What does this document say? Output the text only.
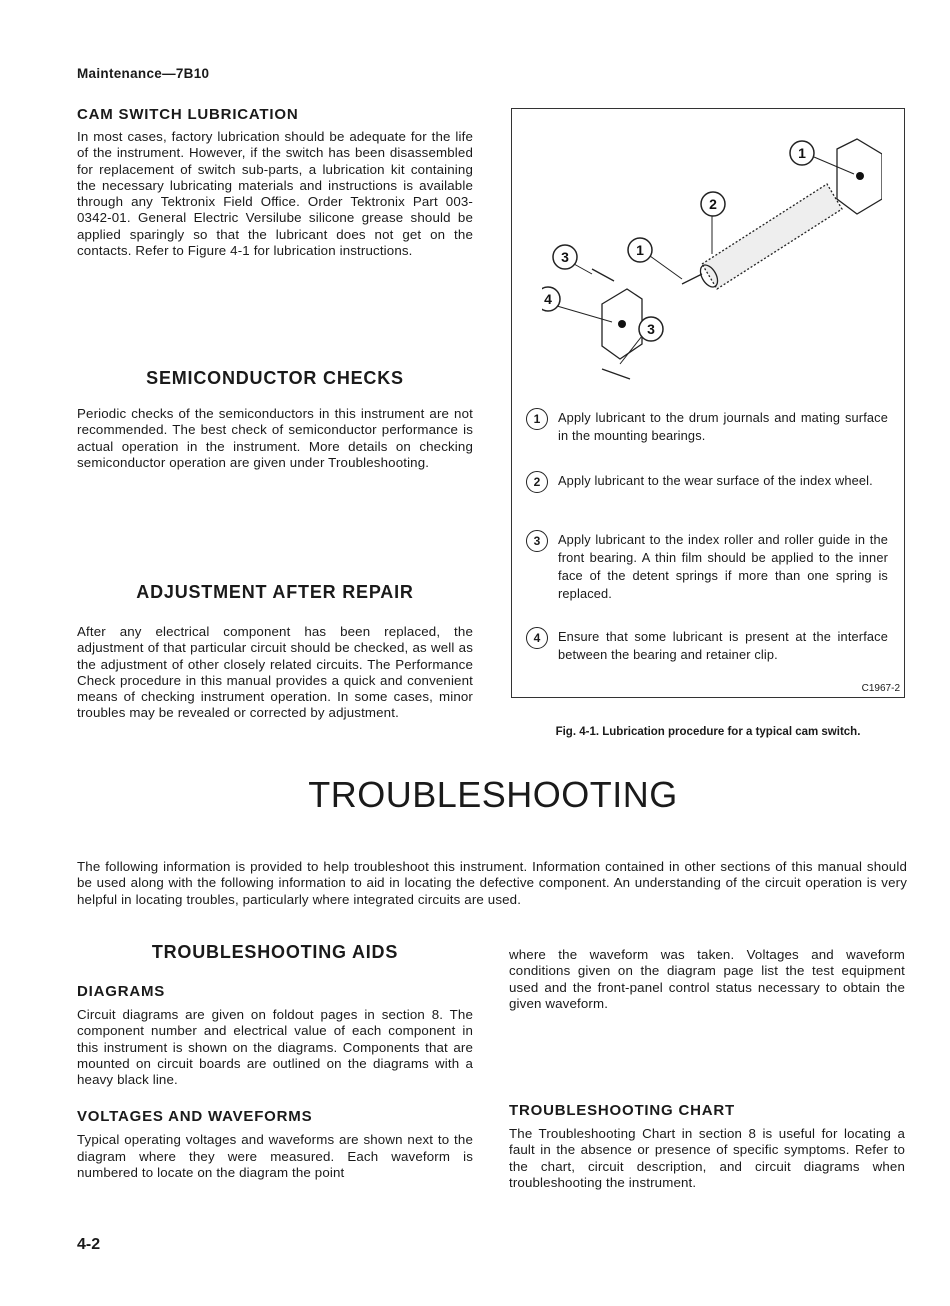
Maintenance—7B10
CAM SWITCH LUBRICATION

In most cases, factory lubrication should be adequate for the life of the instrument. However, if the switch has been disassembled for replacement of switch sub-parts, a lubrication kit containing the necessary lubricating materials and instructions is available through any Tektronix Field Office. Order Tektronix Part 003-0342-01. General Electric Versilube silicone grease should be applied sparingly so that the lubricant does not get on the contacts. Refer to Figure 4-1 for lubrication instructions.

SEMICONDUCTOR CHECKS

Periodic checks of the semiconductors in this instrument are not recommended. The best check of semiconductor performance is actual operation in the instrument. More details on checking semiconductor operation are given under Troubleshooting.

ADJUSTMENT AFTER REPAIR

After any electrical component has been replaced, the adjustment of that particular circuit should be checked, as well as the adjustment of other closely related circuits. The Performance Check procedure in this manual provides a quick and convenient means of checking instrument operation. In some cases, minor troubles may be revealed or corrected by adjustment.

1
2
1
3
4
3
1	Apply lubricant to the drum journals and mating surface in the mounting bearings.

2	Apply lubricant to the wear surface of the index wheel.

3	Apply lubricant to the index roller and roller guide in the front bearing. A thin film should be applied to the inner face of the detent springs if more than one spring is replaced.

4	Ensure that some lubricant is present at the interface between the bearing and retainer clip.

C1967-2
Fig. 4-1. Lubrication procedure for a typical cam switch.
TROUBLESHOOTING

The following information is provided to help troubleshoot this instrument. Information contained in other sections of this manual should be used along with the following information to aid in locating the defective component. An understanding of the circuit operation is very helpful in locating troubles, particularly where integrated circuits are used.

TROUBLESHOOTING AIDS
DIAGRAMS

Circuit diagrams are given on foldout pages in section 8. The component number and electrical value of each component in this instrument is shown on the diagrams. Components that are mounted on circuit boards are outlined on the diagrams with a heavy black line.

VOLTAGES AND WAVEFORMS

Typical operating voltages and waveforms are shown next to the diagram where they were measured. Each waveform is numbered to locate on the diagram the point

where the waveform was taken. Voltages and waveform conditions given on the diagram page list the test equipment used and the front-panel control status necessary to obtain the given waveform.

TROUBLESHOOTING CHART

The Troubleshooting Chart in section 8 is useful for locating a fault in the absence or presence of specific symptoms. Refer to the chart, circuit description, and circuit diagrams when troubleshooting the instrument.

4-2
